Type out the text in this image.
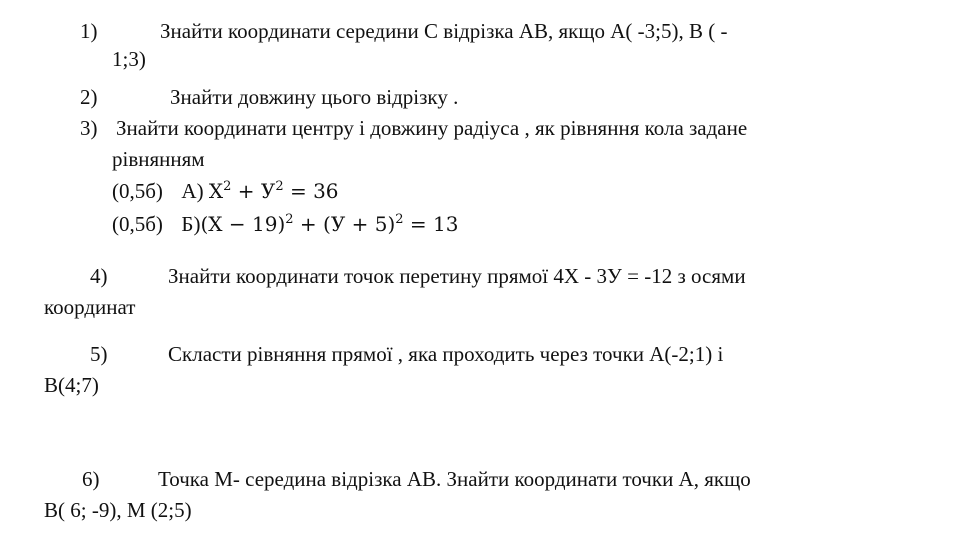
1)	Знайти координати середини С відрізка АВ, якщо А( -3;5), В ( -
1;3)
2)	Знайти довжину цього відрізку .
3) Знайти координати центру і довжину радіуса , як рівняння кола задане
рівнянням
(0,5б) А) $X^2 + У^2 = 36$
(0,5б) $Б)(X - 19)^2 + (У + 5)^2 = 13$
4)	Знайти координати точок перетину прямої 4Х - 3У = -12 з осями
координат
5)	Скласти рівняння прямої , яка проходить через точки А(-2;1) і
В(4;7)
6)	Точка М- середина відрізка АВ. Знайти координати точки А, якщо
В( 6; -9), М (2;5)
